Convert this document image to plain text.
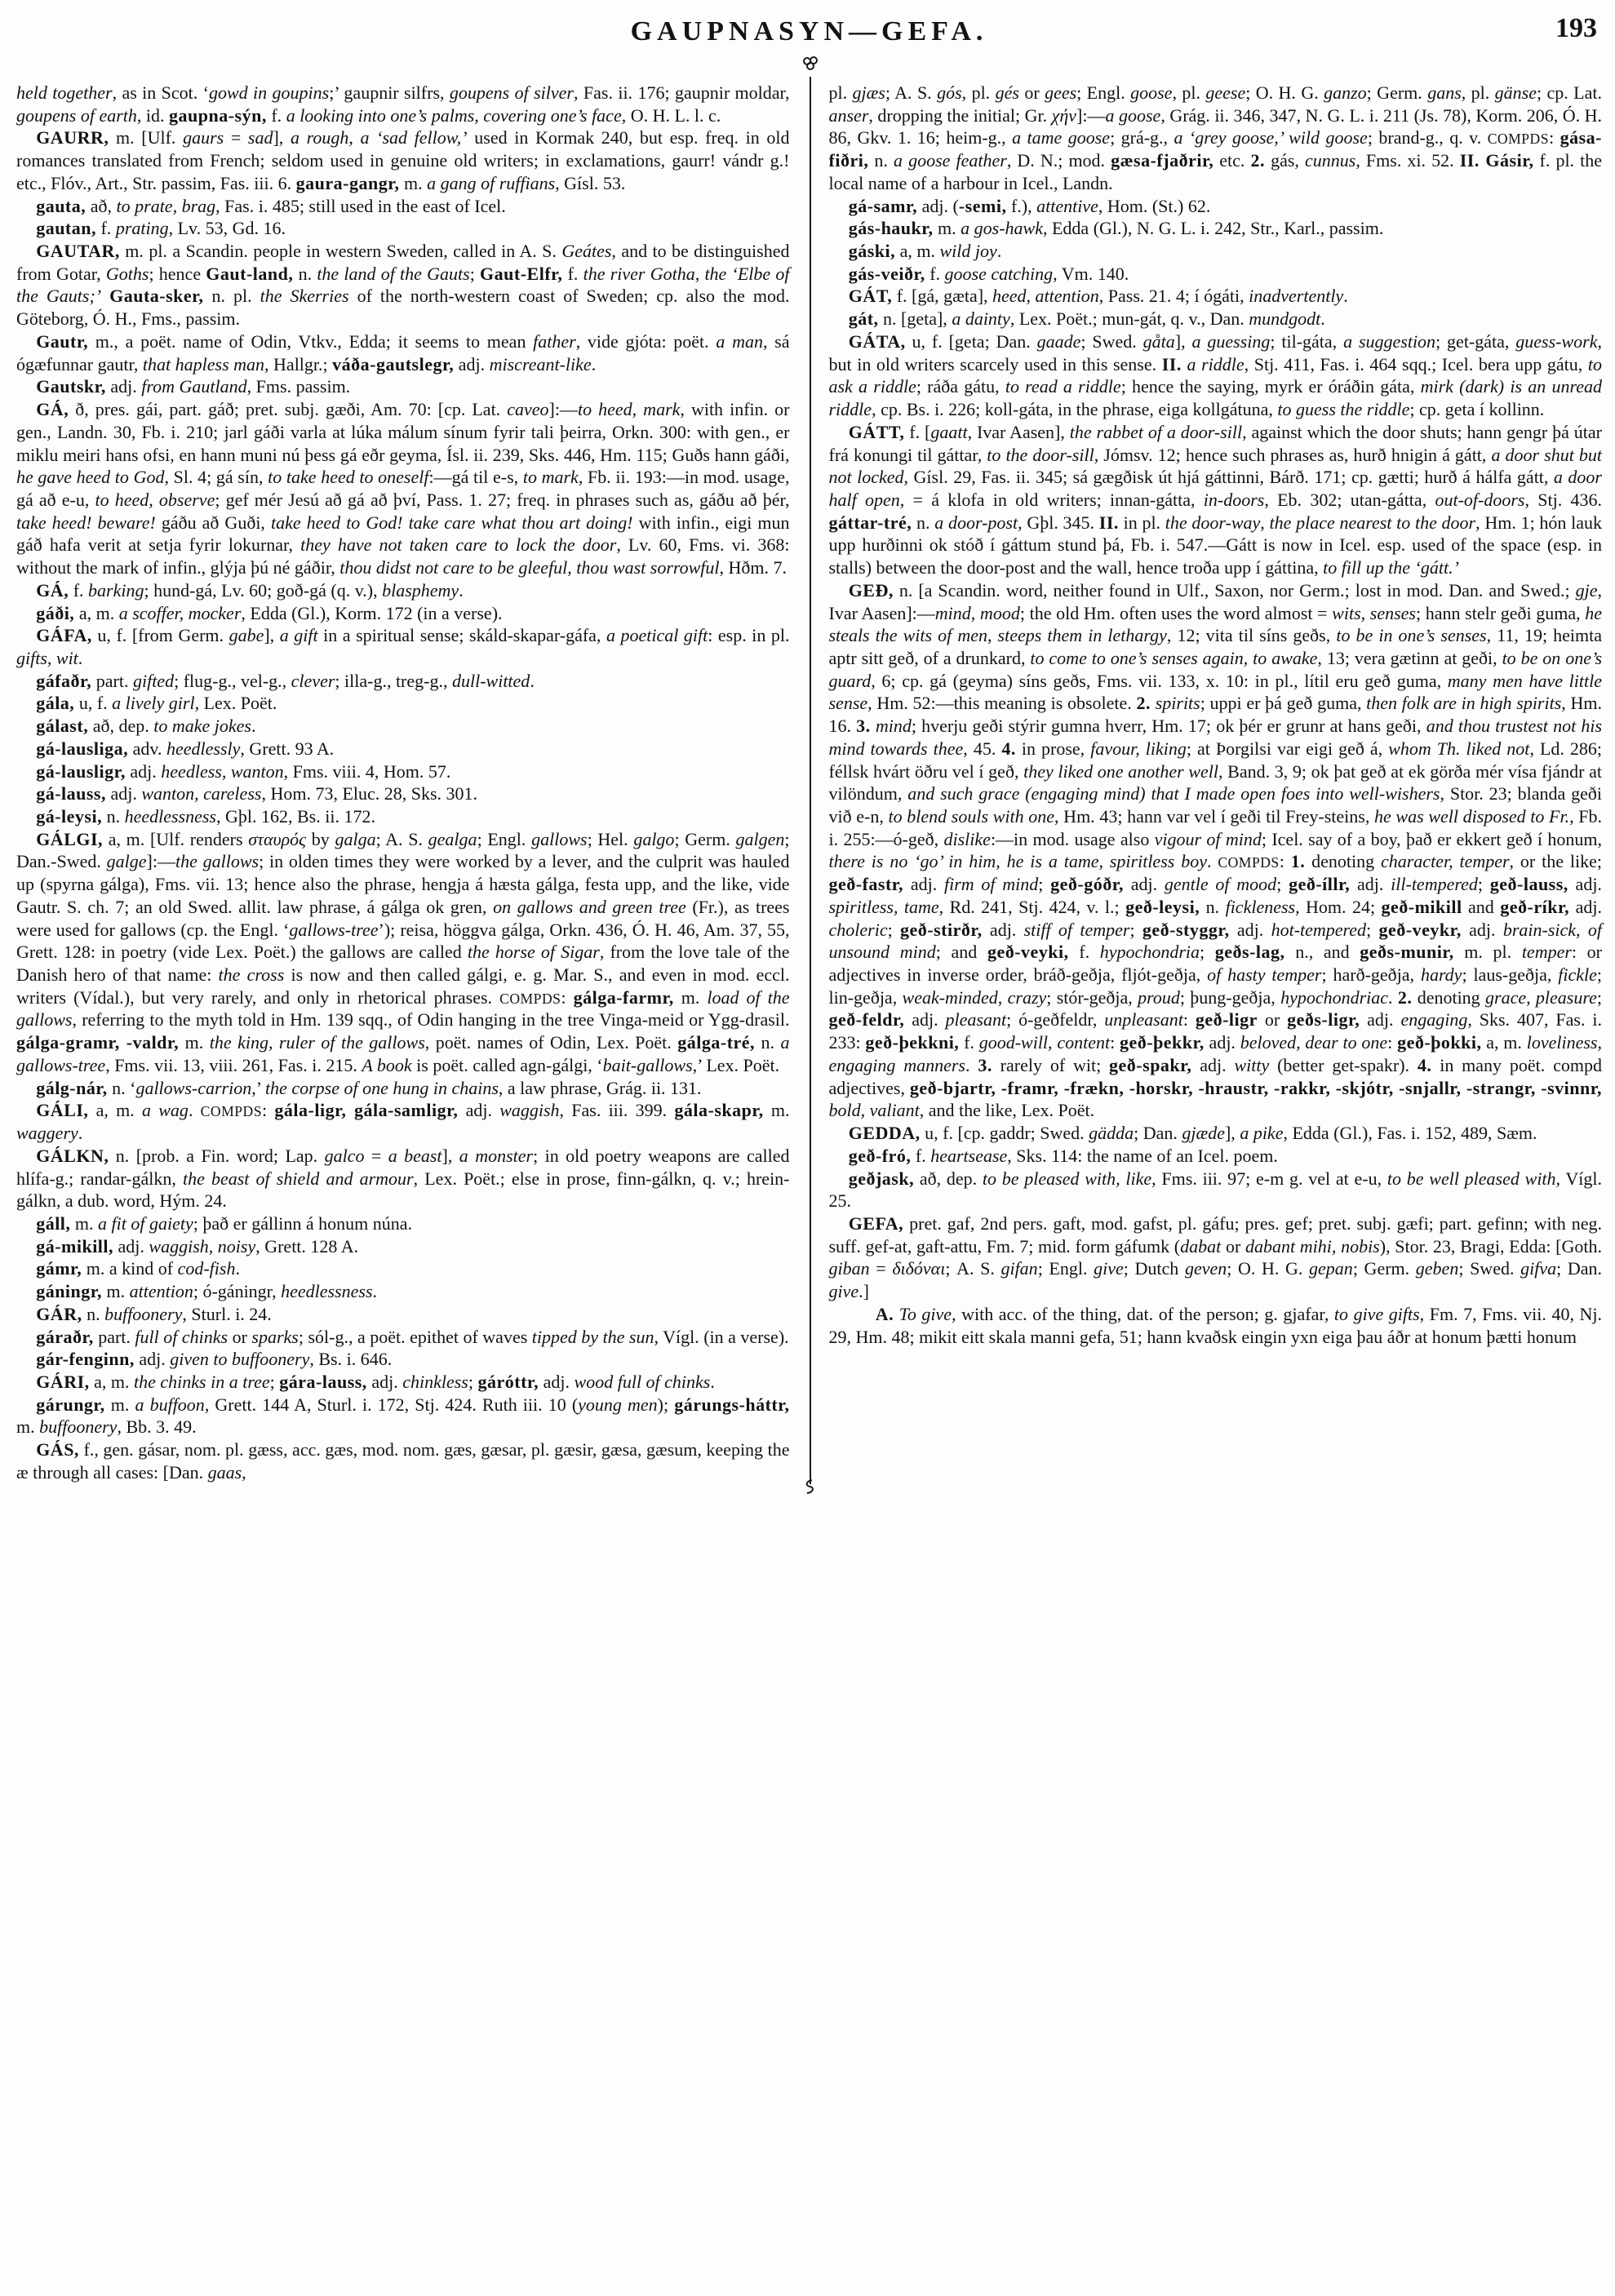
GAUPNASYN—GEFA.	193

held together, as in Scot. ‘gowd in goupins;’ gaupnir silfrs, goupens of silver, Fas. ii. 176; gaupnir moldar, goupens of earth, id. gaupna-sýn, f. a looking into one’s palms, covering one’s face, O. H. L. l. c.

GAURR, m. [Ulf. gaurs = sad], a rough, a ‘sad fellow,’ used in Kormak 240, but esp. freq. in old romances translated from French; seldom used in genuine old writers; in exclamations, gaurr! vándr g.! etc., Flóv., Art., Str. passim, Fas. iii. 6. gaura-gangr, m. a gang of ruffians, Gísl. 53.

gauta, að, to prate, brag, Fas. i. 485; still used in the east of Icel.

gautan, f. prating, Lv. 53, Gd. 16.

GAUTAR, m. pl. a Scandin. people in western Sweden, called in A. S. Geátes, and to be distinguished from Gotar, Goths; hence Gaut-land, n. the land of the Gauts; Gaut-Elfr, f. the river Gotha, the ‘Elbe of the Gauts;’ Gauta-sker, n. pl. the Skerries of the north-western coast of Sweden; cp. also the mod. Göteborg, Ó. H., Fms., passim.

Gautr, m., a poët. name of Odin, Vtkv., Edda; it seems to mean father, vide gjóta: poët. a man, sá ógæfunnar gautr, that hapless man, Hallgr.; váða-gautslegr, adj. miscreant-like.

Gautskr, adj. from Gautland, Fms. passim.

GÁ, ð, pres. gái, part. gáð; pret. subj. gæði, Am. 70: [cp. Lat. caveo]:—to heed, mark, with infin. or gen., Landn. 30, Fb. i. 210; jarl gáði varla at lúka málum sínum fyrir tali þeirra, Orkn. 300: with gen., er miklu meiri hans ofsi, en hann muni nú þess gá eðr geyma, Ísl. ii. 239, Sks. 446, Hm. 115; Guðs hann gáði, he gave heed to God, Sl. 4; gá sín, to take heed to oneself:—gá til e-s, to mark, Fb. ii. 193:—in mod. usage, gá að e-u, to heed, observe; gef mér Jesú að gá að því, Pass. 1. 27; freq. in phrases such as, gáðu að þér, take heed! beware! gáðu að Guði, take heed to God! take care what thou art doing! with infin., eigi mun gáð hafa verit at setja fyrir lokurnar, they have not taken care to lock the door, Lv. 60, Fms. vi. 368: without the mark of infin., glýja þú né gáðir, thou didst not care to be gleeful, thou wast sorrowful, Hðm. 7.

GÁ, f. barking; hund-gá, Lv. 60; goð-gá (q. v.), blasphemy.

gáði, a, m. a scoffer, mocker, Edda (Gl.), Korm. 172 (in a verse).

GÁFA, u, f. [from Germ. gabe], a gift in a spiritual sense; skáld-skapar-gáfa, a poetical gift: esp. in pl. gifts, wit.

gáfaðr, part. gifted; flug-g., vel-g., clever; illa-g., treg-g., dull-witted.

gála, u, f. a lively girl, Lex. Poët.

gálast, að, dep. to make jokes.

gá-lausliga, adv. heedlessly, Grett. 93 A.

gá-lausligr, adj. heedless, wanton, Fms. viii. 4, Hom. 57.

gá-lauss, adj. wanton, careless, Hom. 73, Eluc. 28, Sks. 301.

gá-leysi, n. heedlessness, Gþl. 162, Bs. ii. 172.

GÁLGI, a, m. [Ulf. renders σταυρός by galga; A. S. gealga; Engl. gallows; Hel. galgo; Germ. galgen; Dan.-Swed. galge]:—the gallows; in olden times they were worked by a lever, and the culprit was hauled up (spyrna gálga), Fms. vii. 13; hence also the phrase, hengja á hæsta gálga, festa upp, and the like, vide Gautr. S. ch. 7; an old Swed. allit. law phrase, á gálga ok gren, on gallows and green tree (Fr.), as trees were used for gallows (cp. the Engl. ‘gallows-tree’); reisa, höggva gálga, Orkn. 436, Ó. H. 46, Am. 37, 55, Grett. 128: in poetry (vide Lex. Poët.) the gallows are called the horse of Sigar, from the love tale of the Danish hero of that name: the cross is now and then called gálgi, e. g. Mar. S., and even in mod. eccl. writers (Vídal.), but very rarely, and only in rhetorical phrases. COMPDS: gálga-farmr, m. load of the gallows, referring to the myth told in Hm. 139 sqq., of Odin hanging in the tree Vinga-meid or Ygg-drasil. gálga-gramr, -valdr, m. the king, ruler of the gallows, poët. names of Odin, Lex. Poët. gálga-tré, n. a gallows-tree, Fms. vii. 13, viii. 261, Fas. i. 215. A book is poët. called agn-gálgi, ‘bait-gallows,’ Lex. Poët.

gálg-nár, n. ‘gallows-carrion,’ the corpse of one hung in chains, a law phrase, Grág. ii. 131.

GÁLI, a, m. a wag. COMPDS: gála-ligr, gála-samligr, adj. waggish, Fas. iii. 399. gála-skapr, m. waggery.

GÁLKN, n. [prob. a Fin. word; Lap. galco = a beast], a monster; in old poetry weapons are called hlífa-g.; randar-gálkn, the beast of shield and armour, Lex. Poët.; else in prose, finn-gálkn, q. v.; hrein-gálkn, a dub. word, Hým. 24.

gáll, m. a fit of gaiety; það er gállinn á honum núna.

gá-mikill, adj. waggish, noisy, Grett. 128 A.

gámr, m. a kind of cod-fish.

gáningr, m. attention; ó-gáningr, heedlessness.

GÁR, n. buffoonery, Sturl. i. 24.

gáraðr, part. full of chinks or sparks; sól-g., a poët. epithet of waves tipped by the sun, Vígl. (in a verse).

gár-fenginn, adj. given to buffoonery, Bs. i. 646.

GÁRI, a, m. the chinks in a tree; gára-lauss, adj. chinkless; gáróttr, adj. wood full of chinks.

gárungr, m. a buffoon, Grett. 144 A, Sturl. i. 172, Stj. 424. Ruth iii. 10 (young men); gárungs-háttr, m. buffoonery, Bb. 3. 49.

GÁS, f., gen. gásar, nom. pl. gæss, acc. gæs, mod. nom. gæs, gæsar, pl. gæsir, gæsa, gæsum, keeping the æ through all cases: [Dan. gaas,

pl. gjæs; A. S. gós, pl. gés or gees; Engl. goose, pl. geese; O. H. G. ganzo; Germ. gans, pl. gänse; cp. Lat. anser, dropping the initial; Gr. χήν]:—a goose, Grág. ii. 346, 347, N. G. L. i. 211 (Js. 78), Korm. 206, Ó. H. 86, Gkv. 1. 16; heim-g., a tame goose; grá-g., a ‘grey goose,’ wild goose; brand-g., q. v. COMPDS: gása-fiðri, n. a goose feather, D. N.; mod. gæsa-fjaðrir, etc. 2. gás, cunnus, Fms. xi. 52. II. Gásir, f. pl. the local name of a harbour in Icel., Landn.

gá-samr, adj. (-semi, f.), attentive, Hom. (St.) 62.

gás-haukr, m. a gos-hawk, Edda (Gl.), N. G. L. i. 242, Str., Karl., passim.

gáski, a, m. wild joy.

gás-veiðr, f. goose catching, Vm. 140.

GÁT, f. [gá, gæta], heed, attention, Pass. 21. 4; í ógáti, inadvertently.

gát, n. [geta], a dainty, Lex. Poët.; mun-gát, q. v., Dan. mundgodt.

GÁTA, u, f. [geta; Dan. gaade; Swed. gåta], a guessing; til-gáta, a suggestion; get-gáta, guess-work, but in old writers scarcely used in this sense. II. a riddle, Stj. 411, Fas. i. 464 sqq.; Icel. bera upp gátu, to ask a riddle; ráða gátu, to read a riddle; hence the saying, myrk er óráðin gáta, mirk (dark) is an unread riddle, cp. Bs. i. 226; koll-gáta, in the phrase, eiga kollgátuna, to guess the riddle; cp. geta í kollinn.

GÁTT, f. [gaatt, Ivar Aasen], the rabbet of a door-sill, against which the door shuts; hann gengr þá útar frá konungi til gáttar, to the door-sill, Jómsv. 12; hence such phrases as, hurð hnigin á gátt, a door shut but not locked, Gísl. 29, Fas. ii. 345; sá gægðisk út hjá gáttinni, Bárð. 171; cp. gætti; hurð á hálfa gátt, a door half open, = á klofa in old writers; innan-gátta, in-doors, Eb. 302; utan-gátta, out-of-doors, Stj. 436. gáttar-tré, n. a door-post, Gþl. 345. II. in pl. the door-way, the place nearest to the door, Hm. 1; hón lauk upp hurðinni ok stóð í gáttum stund þá, Fb. i. 547.—Gátt is now in Icel. esp. used of the space (esp. in stalls) between the door-post and the wall, hence troða upp í gáttina, to fill up the ‘gátt.’

GEÐ, n. [a Scandin. word, neither found in Ulf., Saxon, nor Germ.; lost in mod. Dan. and Swed.; gje, Ivar Aasen]:—mind, mood; the old Hm. often uses the word almost = wits, senses; hann stelr geði guma, he steals the wits of men, steeps them in lethargy, 12; vita til síns geðs, to be in one’s senses, 11, 19; heimta aptr sitt geð, of a drunkard, to come to one’s senses again, to awake, 13; vera gætinn at geði, to be on one’s guard, 6; cp. gá (geyma) síns geðs, Fms. vii. 133, x. 10: in pl., lítil eru geð guma, many men have little sense, Hm. 52:—this meaning is obsolete. 2. spirits; uppi er þá geð guma, then folk are in high spirits, Hm. 16. 3. mind; hverju geði stýrir gumna hverr, Hm. 17; ok þér er grunr at hans geði, and thou trustest not his mind towards thee, 45. 4. in prose, favour, liking; at Þorgilsi var eigi geð á, whom Th. liked not, Ld. 286; féllsk hvárt öðru vel í geð, they liked one another well, Band. 3, 9; ok þat geð at ek görða mér vísa fjándr at vilöndum, and such grace (engaging mind) that I made open foes into well-wishers, Stor. 23; blanda geði við e-n, to blend souls with one, Hm. 43; hann var vel í geði til Frey-steins, he was well disposed to Fr., Fb. i. 255:—ó-geð, dislike:—in mod. usage also vigour of mind; Icel. say of a boy, það er ekkert geð í honum, there is no ‘go’ in him, he is a tame, spiritless boy. COMPDS: 1. denoting character, temper, or the like; geð-fastr, adj. firm of mind; geð-góðr, adj. gentle of mood; geð-íllr, adj. ill-tempered; geð-lauss, adj. spiritless, tame, Rd. 241, Stj. 424, v. l.; geð-leysi, n. fickleness, Hom. 24; geð-mikill and geð-ríkr, adj. choleric; geð-stirðr, adj. stiff of temper; geð-styggr, adj. hot-tempered; geð-veykr, adj. brain-sick, of unsound mind; and geð-veyki, f. hypochondria; geðs-lag, n., and geðs-munir, m. pl. temper: or adjectives in inverse order, bráð-geðja, fljót-geðja, of hasty temper; harð-geðja, hardy; laus-geðja, fickle; lin-geðja, weak-minded, crazy; stór-geðja, proud; þung-geðja, hypochondriac. 2. denoting grace, pleasure; geð-feldr, adj. pleasant; ó-geðfeldr, unpleasant: geð-ligr or geðs-ligr, adj. engaging, Sks. 407, Fas. i. 233: geð-þekkni, f. good-will, content: geð-þekkr, adj. beloved, dear to one: geð-þokki, a, m. loveliness, engaging manners. 3. rarely of wit; geð-spakr, adj. witty (better get-spakr). 4. in many poët. compd adjectives, geð-bjartr, -framr, -frækn, -horskr, -hraustr, -rakkr, -skjótr, -snjallr, -strangr, -svinnr, bold, valiant, and the like, Lex. Poët.

GEDDA, u, f. [cp. gaddr; Swed. gädda; Dan. gjæde], a pike, Edda (Gl.), Fas. i. 152, 489, Sæm.

geð-fró, f. heartsease, Sks. 114: the name of an Icel. poem.

geðjask, að, dep. to be pleased with, like, Fms. iii. 97; e-m g. vel at e-u, to be well pleased with, Vígl. 25.

GEFA, pret. gaf, 2nd pers. gaft, mod. gafst, pl. gáfu; pres. gef; pret. subj. gæfi; part. gefinn; with neg. suff. gef-at, gaft-attu, Fm. 7; mid. form gáfumk (dabat or dabant mihi, nobis), Stor. 23, Bragi, Edda: [Goth. giban = διδόναι; A. S. gifan; Engl. give; Dutch geven; O. H. G. gepan; Germ. geben; Swed. gifva; Dan. give.]

A. To give, with acc. of the thing, dat. of the person; g. gjafar, to give gifts, Fm. 7, Fms. vii. 40, Nj. 29, Hm. 48; mikit eitt skala manni gefa, 51; hann kvaðsk eingin yxn eiga þau áðr at honum þætti honum
